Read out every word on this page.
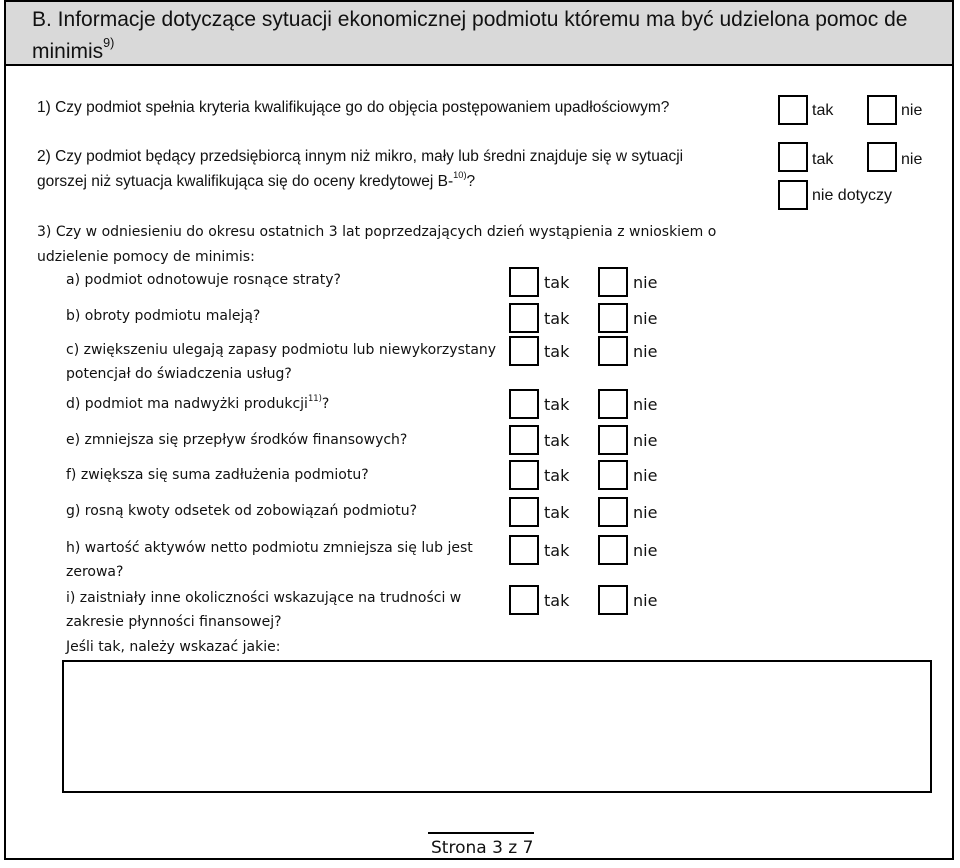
B. Informacje dotyczące sytuacji ekonomicznej podmiotu któremu ma być udzielona pomoc de minimis$^{9)}$
1) Czy podmiot spełnia kryteria kwalifikujące go do objęcia postępowaniem upadłościowym?	tak	nie
2) Czy podmiot będący przedsiębiorcą innym niż mikro, mały lub średni znajduje się w sytuacji
gorszej niż sytuacja kwalifikująca się do oceny kredytowej B-$^{10)}$?
tak	nie
nie dotyczy
3) Czy w odniesieniu do okresu ostatnich 3 lat poprzedzających dzień wystąpienia z wnioskiem o
udzielenie pomocy de minimis:
a) podmiot odnotowuje rosnące straty?	tak	nie
b) obroty podmiotu maleją?	tak	nie
c) zwiększeniu ulegają zapasy podmiotu lub niewykorzystany
potencjał do świadczenia usług?
tak	nie
d) podmiot ma nadwyżki produkcji$^{11)}$?	tak	nie
e) zmniejsza się przepływ środków finansowych?	tak	nie
f) zwiększa się suma zadłużenia podmiotu?	tak	nie
g) rosną kwoty odsetek od zobowiązań podmiotu?	tak	nie
h) wartość aktywów netto podmiotu zmniejsza się lub jest
zerowa?
tak	nie
i) zaistniały inne okoliczności wskazujące na trudności w
zakresie płynności finansowej?
tak	nie
Jeśli tak, należy wskazać jakie:
Strona 3 z 7
